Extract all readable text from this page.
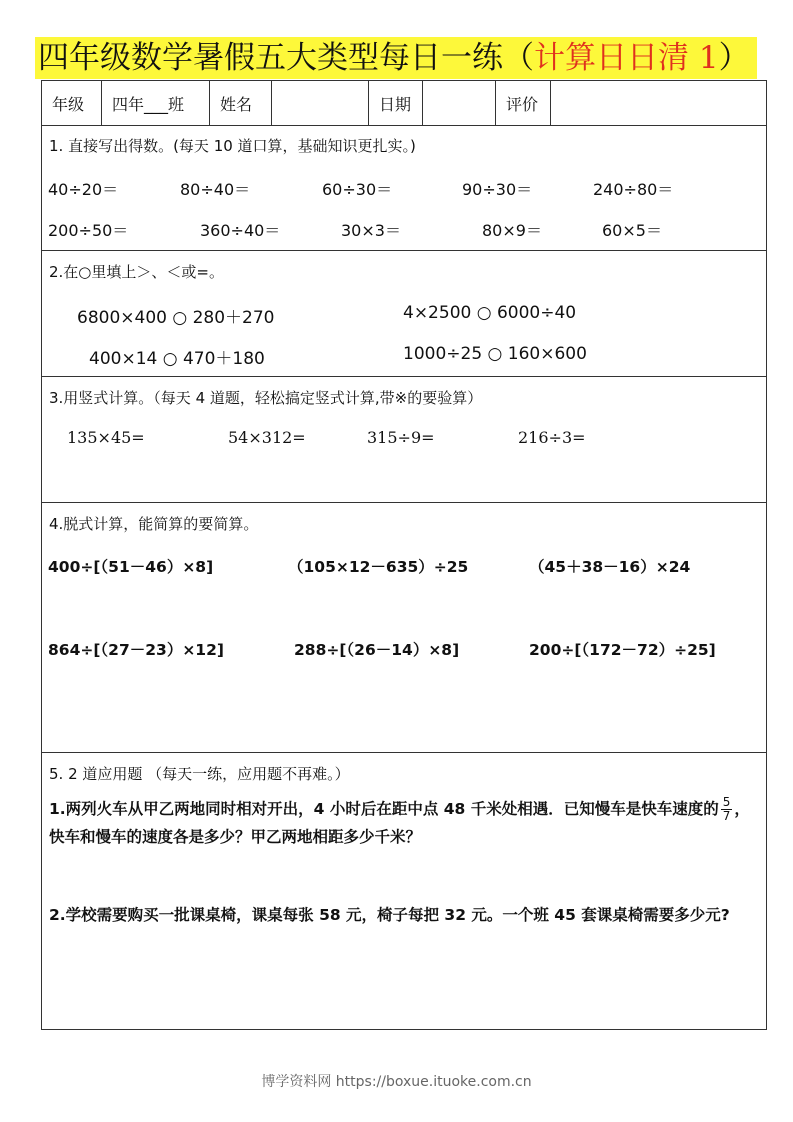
四年级数学暑假五大类型每日一练（计算日日清 1）
年级	四年___班	姓名	日期	评价
1. 直接写出得数。(每天 10 道口算，基础知识更扎实。)
40÷20＝	80÷40＝	60÷30＝	90÷30＝	240÷80＝
200÷50＝	360÷40＝	30×3＝	80×9＝	60×5＝
2.在○里填上＞、＜或=。
6800×400 ○ 280＋270	4×2500 ○ 6000÷40
400×14 ○ 470＋180	1000÷25 ○ 160×600
3.用竖式计算。（每天 4 道题，轻松搞定竖式计算,带※的要验算）
135×45=	54×312=	315÷9=	216÷3=
4.脱式计算，能简算的要简算。
400÷[（51－46）×8]	（105×12－635）÷25	（45＋38－16）×24
864÷[（27－23）×12]	288÷[（26－14）×8]	200÷[（172－72）÷25]
5. 2 道应用题 （每天一练，应用题不再难。）
1.两列火车从甲乙两地同时相对开出，4 小时后在距中点 48 千米处相遇．已知慢车是快车速度的 $\frac{5}{7}$ ，快车和慢车的速度各是多少？甲乙两地相距多少千米？
2.学校需要购买一批课桌椅，课桌每张 58 元，椅子每把 32 元。一个班 45 套课桌椅需要多少元?
博学资料网 https://boxue.ituoke.com.cn
